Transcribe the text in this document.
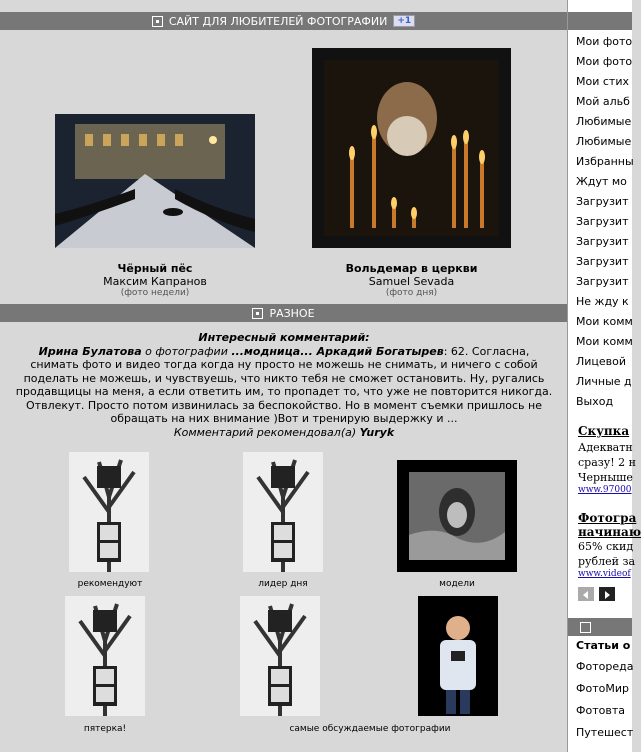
САЙТ ДЛЯ ЛЮБИТЕЛЕЙ ФОТОГРАФИИ	+1
Чёрный пёс
Максим Капранов
(фото недели)
Вольдемар в церкви
Samuel Sevada
(фото дня)
РАЗНОЕ
Интересный комментарий:
Ирина Булатова о фотографии ...модница... Аркадий Богатырев: 62. Согласна, снимать фото и видео тогда когда ну просто не можешь не снимать, и ничего с собой поделать не можешь, и чувствуешь, что никто тебя не сможет остановить. Ну, ругались продавщицы на меня, а если ответить им, то пропадет то, что уже не повторится никогда. Отвлекут. Просто потом извинилась за беспокойство. Но в момент съемки пришлось не обращать на них внимание )Вот и тренирую выдержку и ...
Комментарий рекомендовал(а) Yuryk
рекомендуют	лидер дня	модели
пятерка!	самые обсуждаемые фотографии
Мои фото
Мои фото
Мои стих
Мой альб
Любимые
Любимые
Избранны
Ждут мо
Загрузит
Загрузит
Загрузит
Загрузит
Загрузит
Не жду к
Мои комм
Мои комм
Лицевой
Личные д
Выход
Скупка
Адекватн
сразу! 2 н
Черныше
www.97000
Фотогра
начинаю
65% скид
рублей за
www.videof

Статьи о
Фотореда
ФотоМир
Фотовта
Путешест
